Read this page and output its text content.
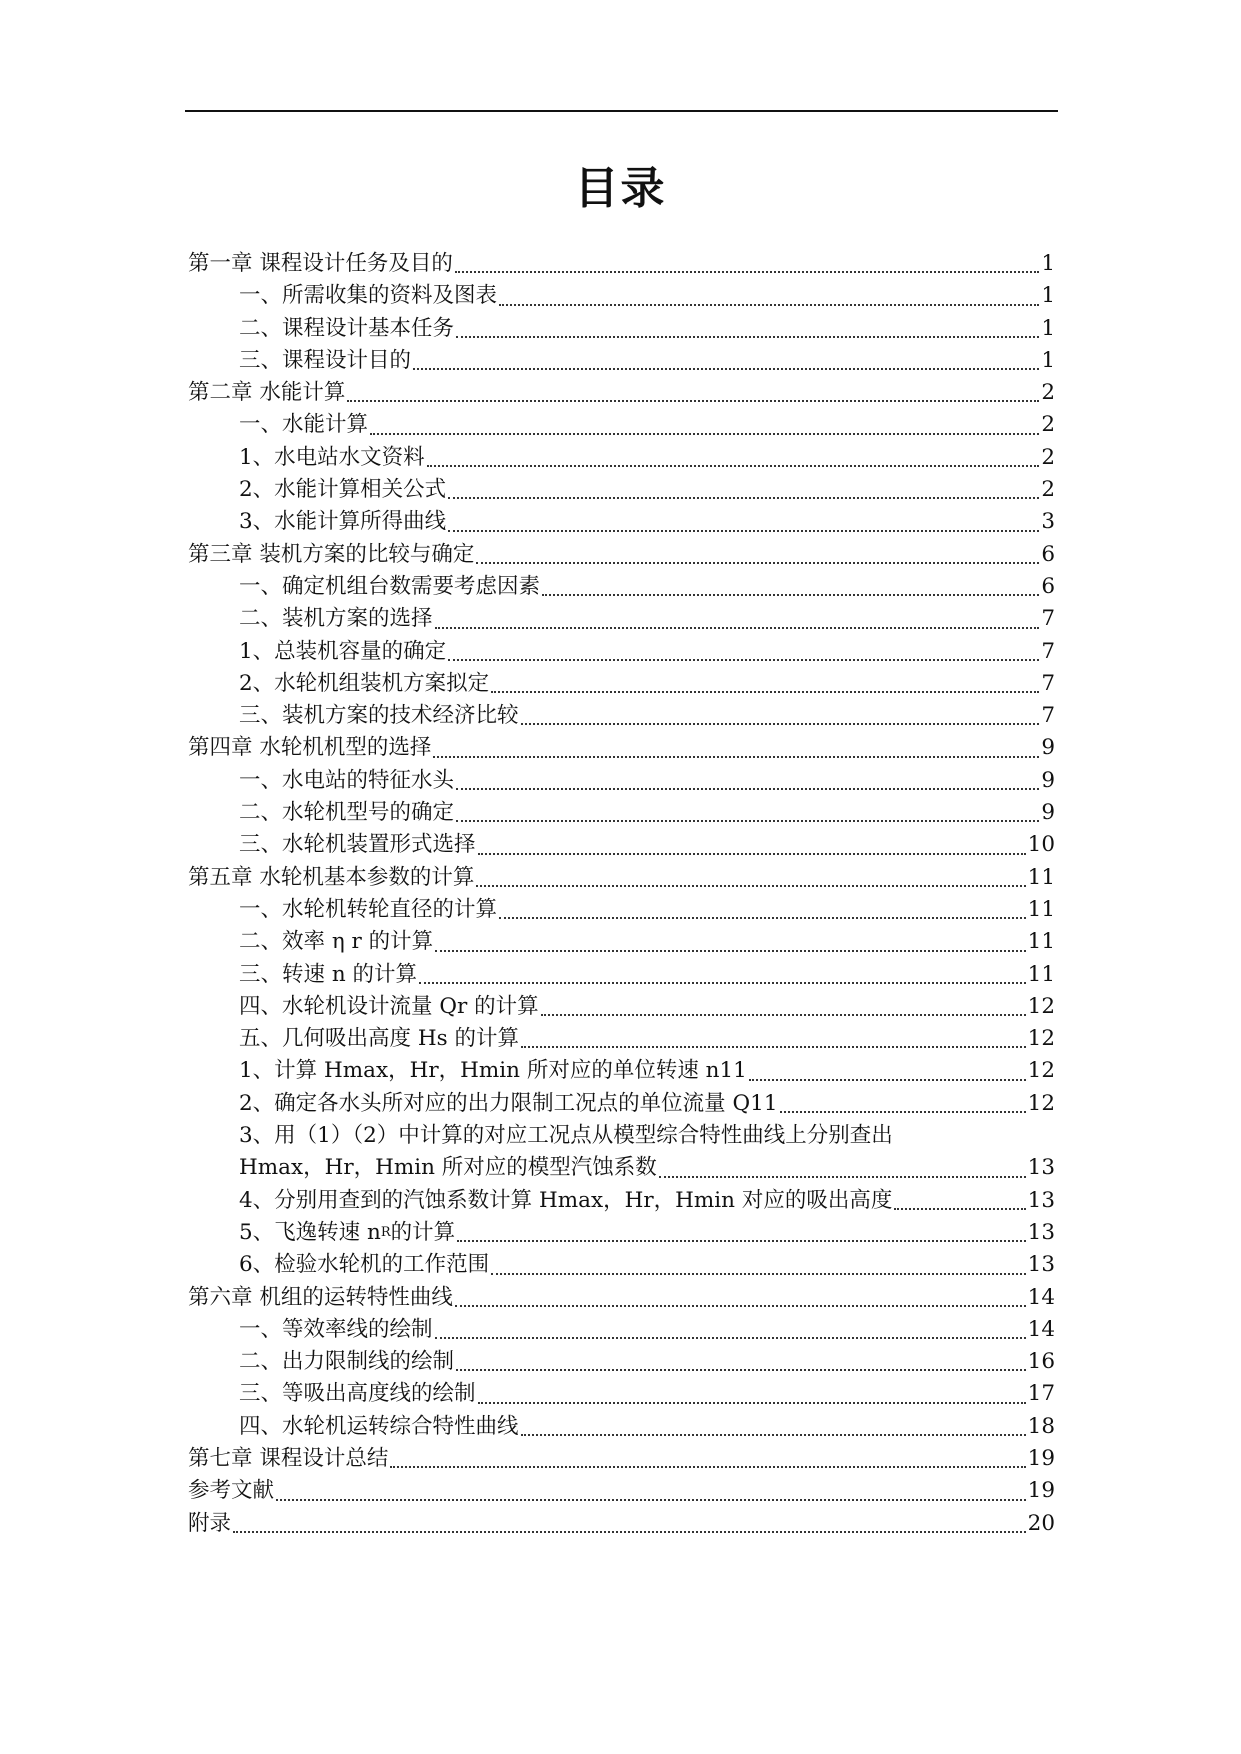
目录
第一章 课程设计任务及目的	1
一、所需收集的资料及图表	1
二、课程设计基本任务	1
三、课程设计目的	1
第二章 水能计算	2
一、水能计算	2
1、水电站水文资料	2
2、水能计算相关公式	2
3、水能计算所得曲线	3
第三章 装机方案的比较与确定	6
一、确定机组台数需要考虑因素	6
二、装机方案的选择	7
1、总装机容量的确定	7
2、水轮机组装机方案拟定	7
三、装机方案的技术经济比较	7
第四章 水轮机机型的选择	9
一、水电站的特征水头	9
二、水轮机型号的确定	9
三、水轮机装置形式选择	10
第五章 水轮机基本参数的计算	11
一、水轮机转轮直径的计算	11
二、效率 η r 的计算	11
三、转速 n 的计算	11
四、水轮机设计流量 Qr 的计算	12
五、几何吸出高度 Hs 的计算	12
1、计算 Hmax，Hr，Hmin 所对应的单位转速 n11	12
2、确定各水头所对应的出力限制工况点的单位流量 Q11	12
3、用（1）（2）中计算的对应工况点从模型综合特性曲线上分别查出
Hmax，Hr，Hmin 所对应的模型汽蚀系数	13
4、分别用查到的汽蚀系数计算 Hmax，Hr，Hmin 对应的吸出高度	13
5、飞逸转速 n R 的计算	13
6、检验水轮机的工作范围	13
第六章 机组的运转特性曲线	14
一、等效率线的绘制	14
二、出力限制线的绘制	16
三、等吸出高度线的绘制	17
四、水轮机运转综合特性曲线	18
第七章 课程设计总结	19
参考文献	19
附录	20
